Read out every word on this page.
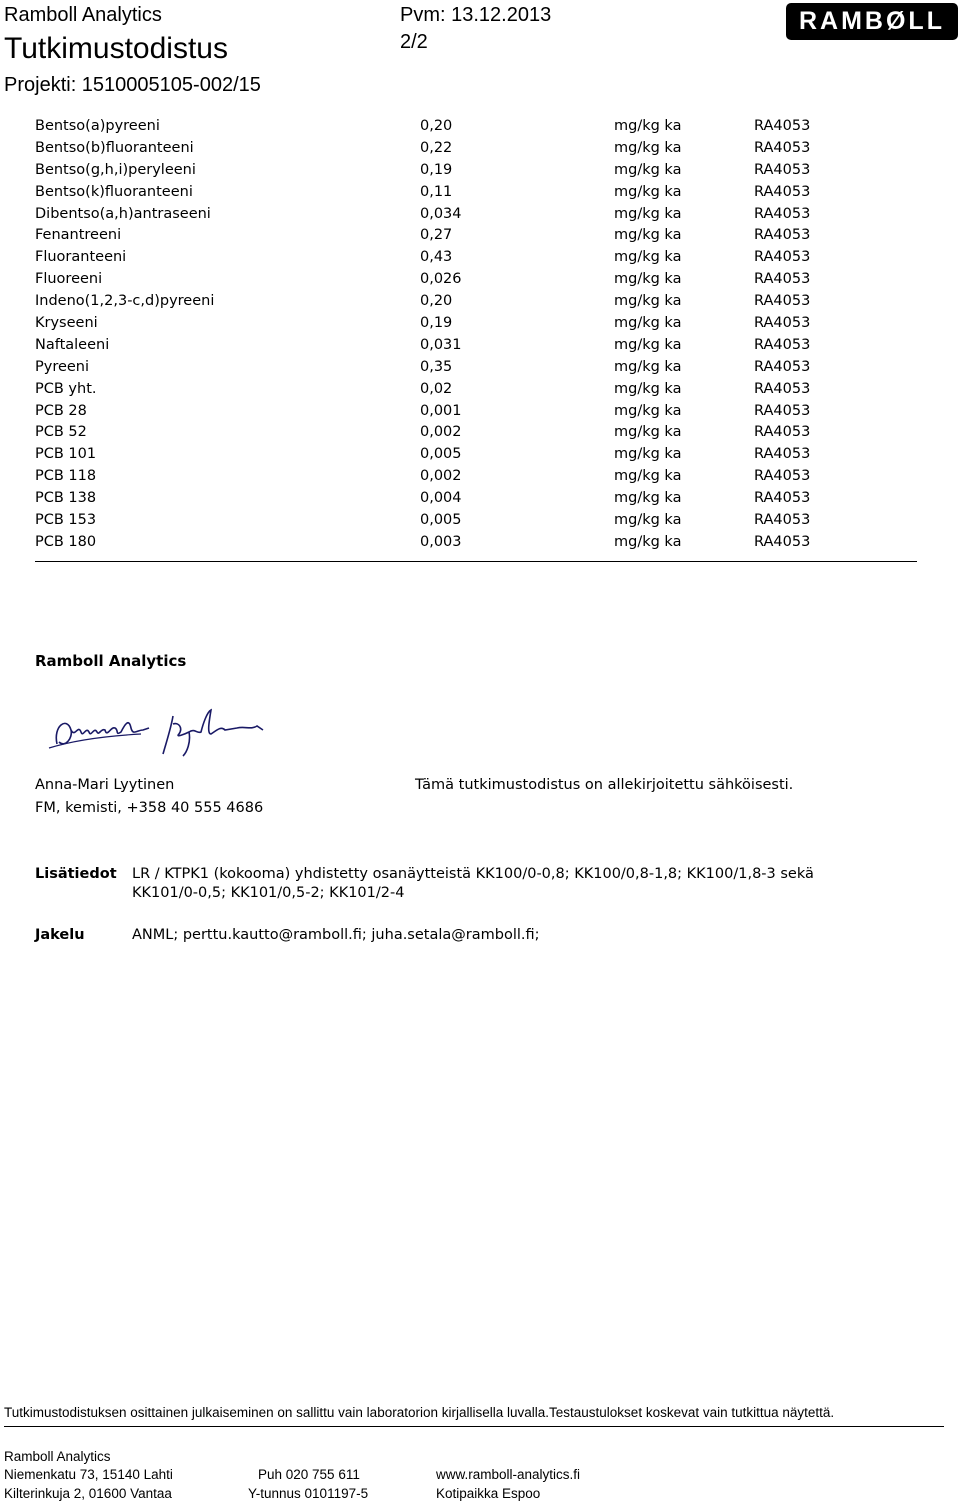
Ramboll Analytics
Tutkimustodistus
Projekti: 1510005105-002/15
Pvm: 13.12.2013
2/2
RAMBØLL
Bentso(a)pyreeni	0,20	mg/kg ka	RA4053
Bentso(b)fluoranteeni	0,22	mg/kg ka	RA4053
Bentso(g,h,i)peryleeni	0,19	mg/kg ka	RA4053
Bentso(k)fluoranteeni	0,11	mg/kg ka	RA4053
Dibentso(a,h)antraseeni	0,034	mg/kg ka	RA4053
Fenantreeni	0,27	mg/kg ka	RA4053
Fluoranteeni	0,43	mg/kg ka	RA4053
Fluoreeni	0,026	mg/kg ka	RA4053
Indeno(1,2,3-c,d)pyreeni	0,20	mg/kg ka	RA4053
Kryseeni	0,19	mg/kg ka	RA4053
Naftaleeni	0,031	mg/kg ka	RA4053
Pyreeni	0,35	mg/kg ka	RA4053
PCB yht.	0,02	mg/kg ka	RA4053
PCB 28	0,001	mg/kg ka	RA4053
PCB 52	0,002	mg/kg ka	RA4053
PCB 101	0,005	mg/kg ka	RA4053
PCB 118	0,002	mg/kg ka	RA4053
PCB 138	0,004	mg/kg ka	RA4053
PCB 153	0,005	mg/kg ka	RA4053
PCB 180	0,003	mg/kg ka	RA4053
Ramboll Analytics
Anna-Mari Lyytinen
FM, kemisti, +358 40 555 4686
Tämä tutkimustodistus on allekirjoitettu sähköisesti.
Lisätiedot LR / KTPK1 (kokooma) yhdistetty osanäytteistä KK100/0-0,8; KK100/0,8-1,8; KK100/1,8-3 sekä
KK101/0-0,5; KK101/0,5-2; KK101/2-4
Jakelu	ANML; perttu.kautto@ramboll.fi; juha.setala@ramboll.fi;
Tutkimustodistuksen osittainen julkaiseminen on sallittu vain laboratorion kirjallisella luvalla.Testaustulokset koskevat vain tutkittua näytettä.
Ramboll Analytics
Niemenkatu 73, 15140 Lahti
Kilterinkuja 2, 01600 Vantaa
Puh 020 755 611
Y-tunnus 0101197-5
www.ramboll-analytics.fi
Kotipaikka Espoo
